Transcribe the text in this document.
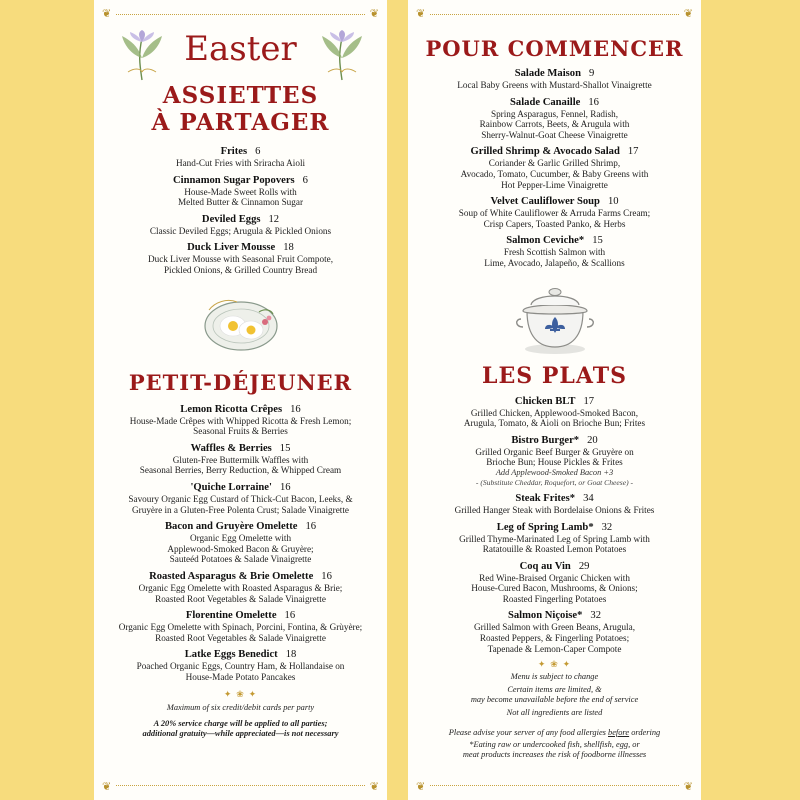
❦	❦
❦	❦
Easter
ASSIETTES
À PARTAGER
Frites 6
Hand-Cut Fries with Sriracha Aioli
Cinnamon Sugar Popovers 6
House-Made Sweet Rolls with
Melted Butter & Cinnamon Sugar
Deviled Eggs 12
Classic Deviled Eggs; Arugula & Pickled Onions
Duck Liver Mousse 18
Duck Liver Mousse with Seasonal Fruit Compote,
Pickled Onions, & Grilled Country Bread
PETIT-DÉJEUNER
Lemon Ricotta Crêpes 16
House-Made Crêpes with Whipped Ricotta & Fresh Lemon;
Seasonal Fruits & Berries
Waffles & Berries 15
Gluten-Free Buttermilk Waffles with
Seasonal Berries, Berry Reduction, & Whipped Cream
'Quiche Lorraine' 16
Savoury Organic Egg Custard of Thick-Cut Bacon, Leeks, &
Gruyère in a Gluten-Free Polenta Crust; Salade Vinaigrette
Bacon and Gruyère Omelette 16
Organic Egg Omelette with
Applewood-Smoked Bacon & Gruyère;
Sauteéd Potatoes & Salade Vinaigrette
Roasted Asparagus & Brie Omelette 16
Organic Egg Omelette with Roasted Asparagus & Brie;
Roasted Root Vegetables & Salade Vinaigrette
Florentine Omelette 16
Organic Egg Omelette with Spinach, Porcini, Fontina, & Grùyère;
Roasted Root Vegetables & Salade Vinaigrette
Latke Eggs Benedict 18
Poached Organic Eggs, Country Ham, & Hollandaise on
House-Made Potato Pancakes
✦ ❀ ✦
Maximum of six credit/debit cards per party
A 20% service charge will be applied to all parties;
additional gratuity—while appreciated—is not necessary
❦	❦
❦	❦
POUR COMMENCER
Salade Maison 9
Local Baby Greens with Mustard-Shallot Vinaigrette
Salade Canaille 16
Spring Asparagus, Fennel, Radish,
Rainbow Carrots, Beets, & Arugula with
Sherry-Walnut-Goat Cheese Vinaigrette
Grilled Shrimp & Avocado Salad 17
Coriander & Garlic Grilled Shrimp,
Avocado, Tomato, Cucumber, & Baby Greens with
Hot Pepper-Lime Vinaigrette
Velvet Cauliflower Soup 10
Soup of White Cauliflower & Arruda Farms Cream;
Crisp Capers, Toasted Panko, & Herbs
Salmon Ceviche* 15
Fresh Scottish Salmon with
Lime, Avocado, Jalapeño, & Scallions
LES PLATS
Chicken BLT 17
Grilled Chicken, Applewood-Smoked Bacon,
Arugula, Tomato, & Aioli on Brioche Bun; Frites
Bistro Burger* 20
Grilled Organic Beef Burger & Gruyère on
Brioche Bun; House Pickles & Frites
Add Applewood-Smoked Bacon +3
- (Substitute Cheddar, Roquefort, or Goat Cheese) -
Steak Frites* 34
Grilled Hanger Steak with Bordelaise Onions & Frites
Leg of Spring Lamb* 32
Grilled Thyme-Marinated Leg of Spring Lamb with
Ratatouille & Roasted Lemon Potatoes
Coq au Vin 29
Red Wine-Braised Organic Chicken with
House-Cured Bacon, Mushrooms, & Onions;
Roasted Fingerling Potatoes
Salmon Niçoise* 32
Grilled Salmon with Green Beans, Arugula,
Roasted Peppers, & Fingerling Potatoes;
Tapenade & Lemon-Caper Compote
✦ ❀ ✦
Menu is subject to change
Certain items are limited, &
may become unavailable before the end of service
Not all ingredients are listed

Please advise your server of any food allergies before ordering

*Eating raw or undercooked fish, shellfish, egg, or
meat products increases the risk of foodborne illnesses
